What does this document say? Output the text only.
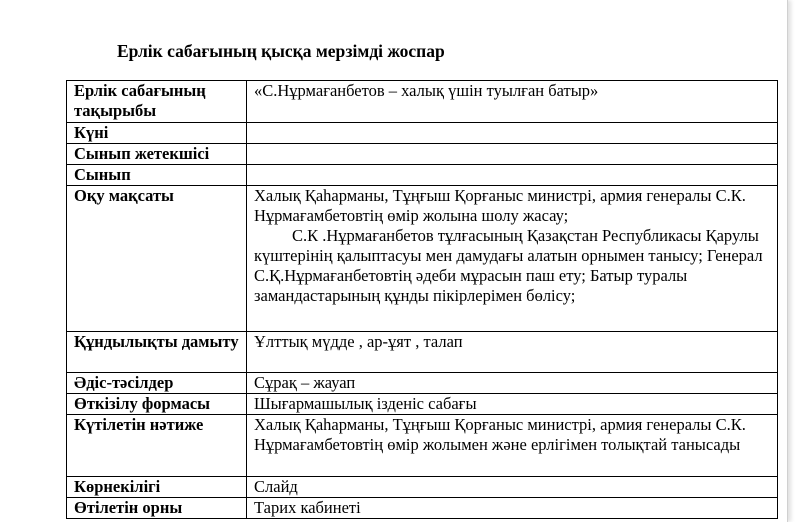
Ерлік сабағының қысқа мерзімді жоспар
Ерлік сабағының тақырыбы	«С.Нұрмағанбетов – халық үшін туылған батыр»
Күні	
Сынып жетекшісі	
Сынып	
Оқу мақсаты	Халық Қаһарманы, Тұңғыш Қорғаныс министрі, армия генералы С.К. Нұрмағамбетовтің өмір жолына шолу жасау;
С.К .Нұрмағанбетов тұлғасының Қазақстан Республикасы Қарулы күштерінің қалыптасуы мен дамудағы алатын орнымен танысу; Генерал С.Қ.Нұрмағанбетовтің әдеби мұрасын паш ету; Батыр туралы замандастарының құнды пікірлерімен бөлісу;

Құндылықты дамыту	Ұлттық мүдде , ар-ұят , талап
Әдіс-тәсілдер	Сұрақ – жауап
Өткізілу формасы	Шығармашылық ізденіс сабағы
Күтілетін нәтиже	Халық Қаһарманы, Тұңғыш Қорғаныс министрі, армия генералы С.К. Нұрмағамбетовтің өмір жолымен және ерлігімен толықтай танысады
Көрнекілігі	Слайд
Өтілетін орны	Тарих кабинеті
